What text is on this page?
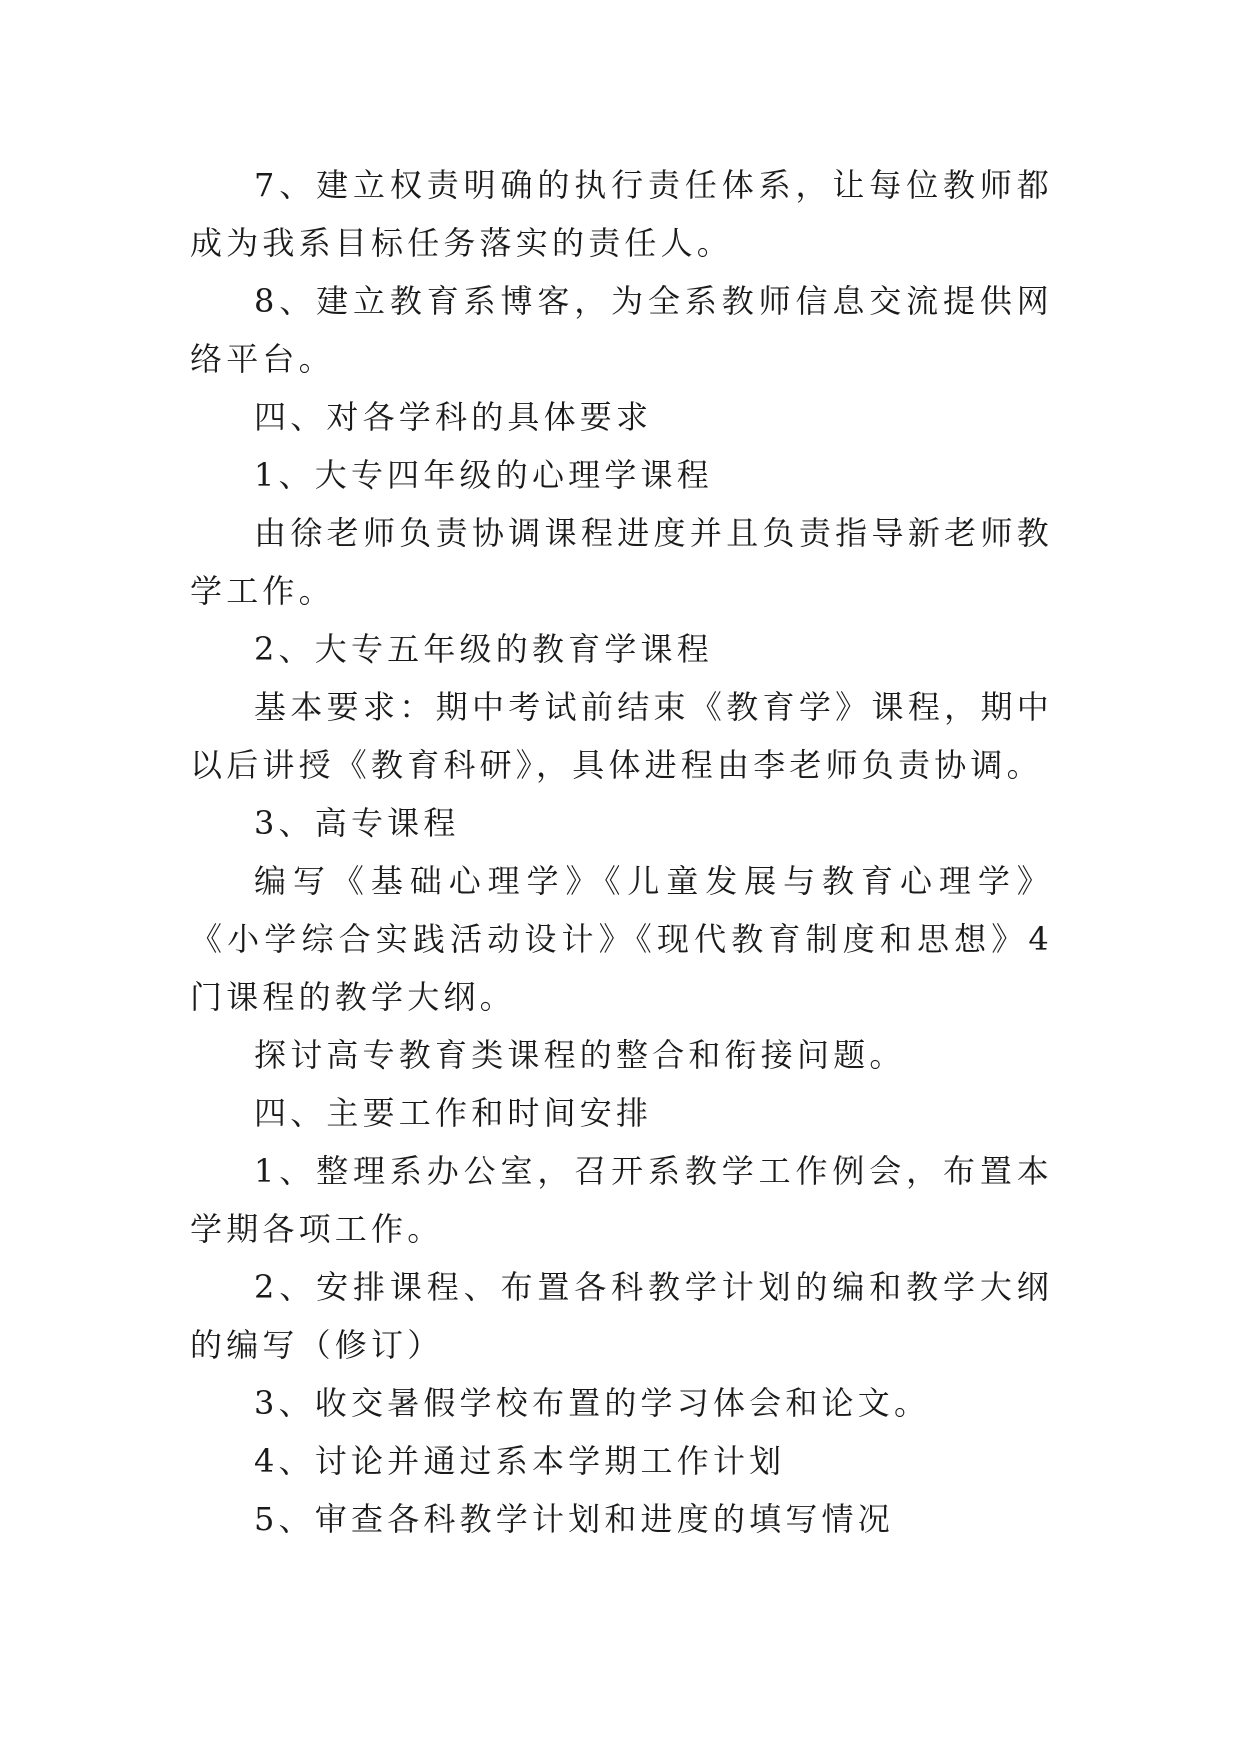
7、建立权责明确的执行责任体系，让每位教师都成为我系目标任务落实的责任人。

8、建立教育系博客，为全系教师信息交流提供网络平台。

四、对各学科的具体要求

1、大专四年级的心理学课程

由徐老师负责协调课程进度并且负责指导新老师教学工作。

2、大专五年级的教育学课程

基本要求：期中考试前结束《教育学》课程，期中以后讲授《教育科研》，具体进程由李老师负责协调。

3、高专课程

编写《基础心理学》《儿童发展与教育心理学》《小学综合实践活动设计》《现代教育制度和思想》4门课程的教学大纲。

探讨高专教育类课程的整合和衔接问题。

四、主要工作和时间安排

1、整理系办公室，召开系教学工作例会，布置本学期各项工作。

2、安排课程、布置各科教学计划的编和教学大纲的编写（修订）

3、收交暑假学校布置的学习体会和论文。

4、讨论并通过系本学期工作计划

5、审查各科教学计划和进度的填写情况
